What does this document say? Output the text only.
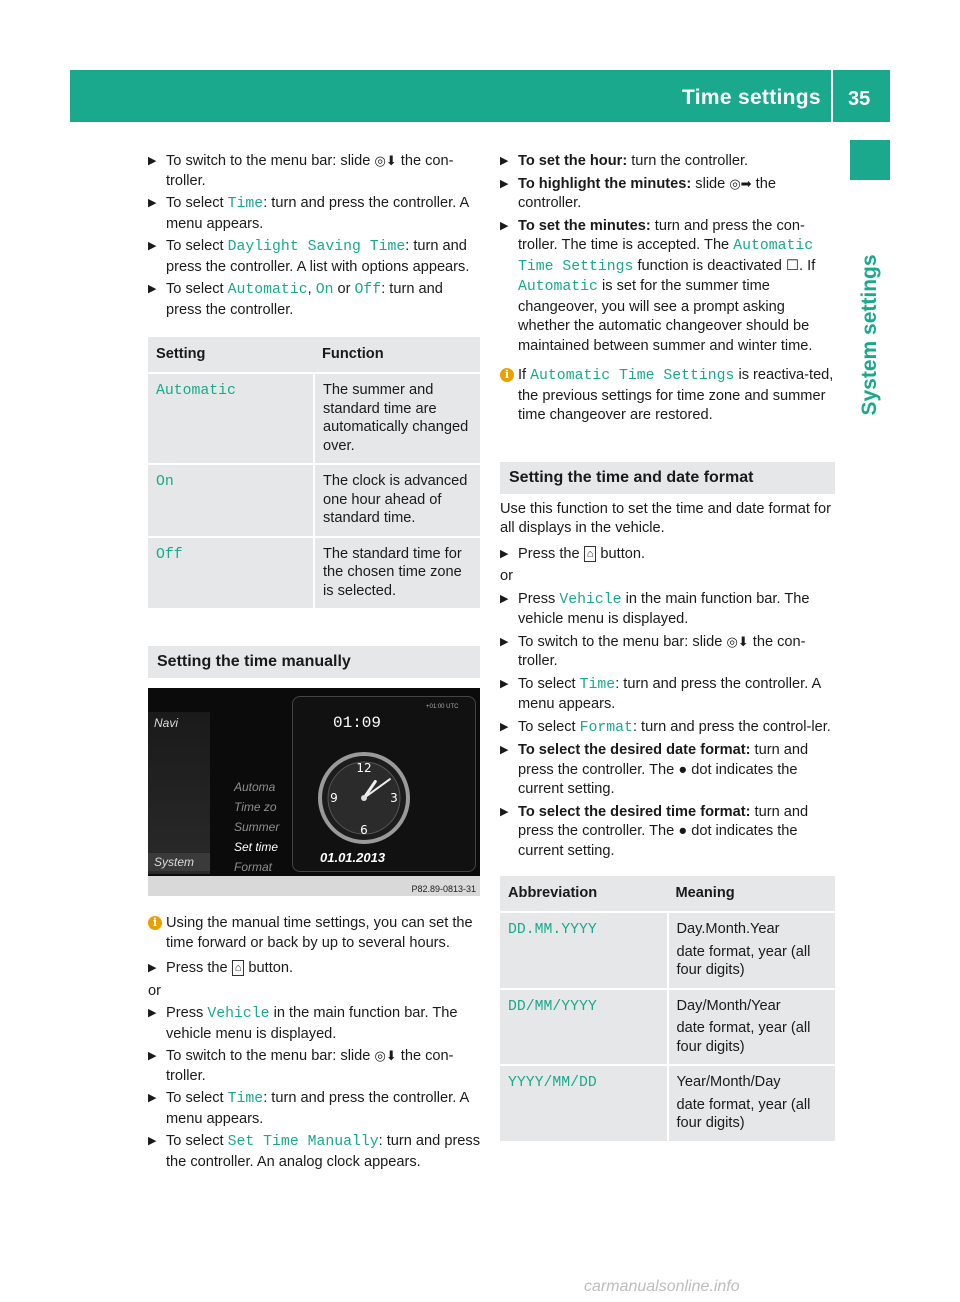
Time settings 35
System settings
▶ To switch to the menu bar: slide ◎⬇ the con-troller.
▶ To select Time: turn and press the controller. A menu appears.
▶ To select Daylight Saving Time: turn and press the controller. A list with options appears.
▶ To select Automatic, On or Off: turn and press the controller.
Setting	Function
Automatic	The summer and standard time are automatically changed over.
On	The clock is advanced one hour ahead of standard time.
Off	The standard time for the chosen time zone is selected.
Setting the time manually
Navi
System
Automa
Time zo
Summer
Set time
Format
+01:00 UTC
01:09
12
3
6
9
01.01.2013
P82.89-0813-31
i Using the manual time settings, you can set the time forward or back by up to several hours.
▶ Press the ⌂ button.
or
▶ Press Vehicle in the main function bar. The vehicle menu is displayed.
▶ To switch to the menu bar: slide ◎⬇ the con-troller.
▶ To select Time: turn and press the controller. A menu appears.
▶ To select Set Time Manually: turn and press the controller. An analog clock appears.
▶ To set the hour: turn the controller.
▶ To highlight the minutes: slide ◎➡ the controller.
▶ To set the minutes: turn and press the con-troller. The time is accepted. The Automatic Time Settings function is deactivated ☐. If Automatic is set for the summer time changeover, you will see a prompt asking whether the automatic changeover should be maintained between summer and winter time.
i If Automatic Time Settings is reactiva-ted, the previous settings for time zone and summer time changeover are restored.
Setting the time and date format
Use this function to set the time and date format for all displays in the vehicle.
▶ Press the ⌂ button.
or
▶ Press Vehicle in the main function bar. The vehicle menu is displayed.
▶ To switch to the menu bar: slide ◎⬇ the con-troller.
▶ To select Time: turn and press the controller. A menu appears.
▶ To select Format: turn and press the control-ler.
▶ To select the desired date format: turn and press the controller. The ● dot indicates the current setting.
▶ To select the desired time format: turn and press the controller. The ● dot indicates the current setting.
Abbreviation	Meaning
DD.MM.YYYY	Day.Month.Year
date format, year (all four digits)

DD/MM/YYYY	Day/Month/Year
date format, year (all four digits)

YYYY/MM/DD	Year/Month/Day
date format, year (all four digits)
carmanualsonline.info
